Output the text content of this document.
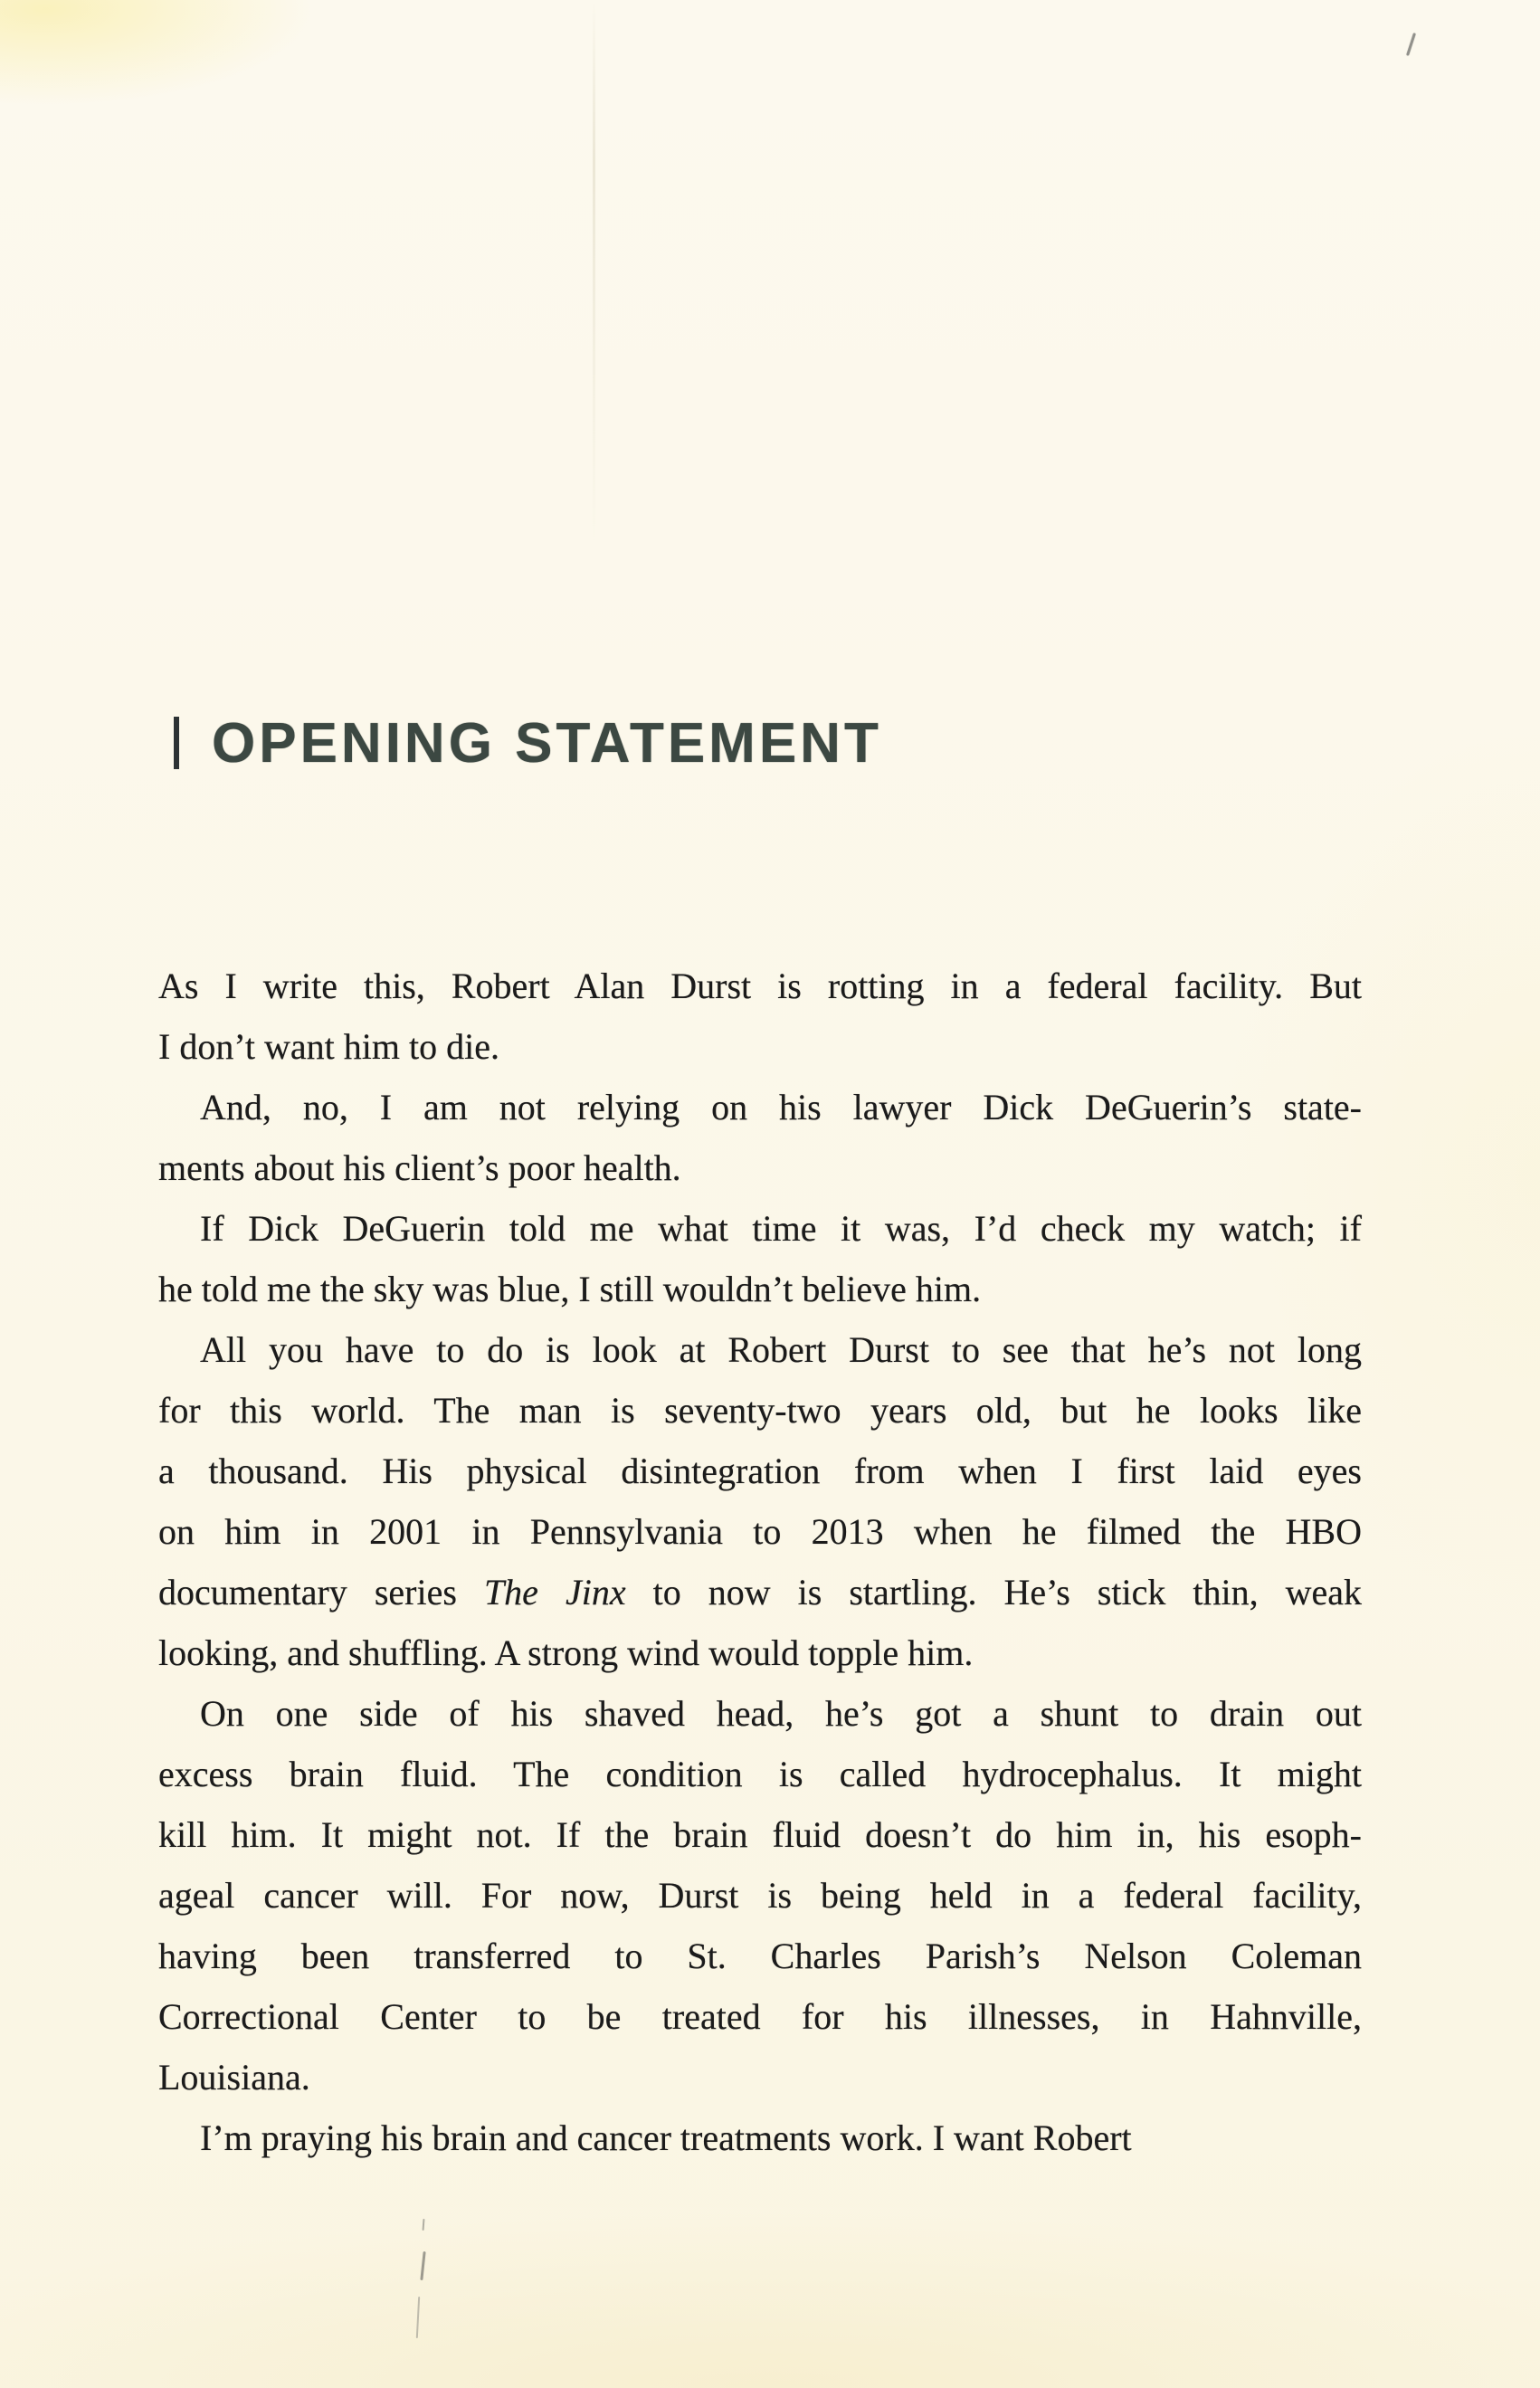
OPENING STATEMENT
As I write this, Robert Alan Durst is rotting in a federal facility. But
I don’t want him to die.
And, no, I am not relying on his lawyer Dick DeGuerin’s state-
ments about his client’s poor health.
If Dick DeGuerin told me what time it was, I’d check my watch; if
he told me the sky was blue, I still wouldn’t believe him.
All you have to do is look at Robert Durst to see that he’s not long
for this world. The man is seventy-two years old, but he looks like
a thousand. His physical disintegration from when I first laid eyes
on him in 2001 in Pennsylvania to 2013 when he filmed the HBO
documentary series The Jinx to now is startling. He’s stick thin, weak
looking, and shuffling. A strong wind would topple him.
On one side of his shaved head, he’s got a shunt to drain out
excess brain fluid. The condition is called hydrocephalus. It might
kill him. It might not. If the brain fluid doesn’t do him in, his esoph-
ageal cancer will. For now, Durst is being held in a federal facility,
having been transferred to St. Charles Parish’s Nelson Coleman
Correctional Center to be treated for his illnesses, in Hahnville,
Louisiana.
I’m praying his brain and cancer treatments work. I want Robert
